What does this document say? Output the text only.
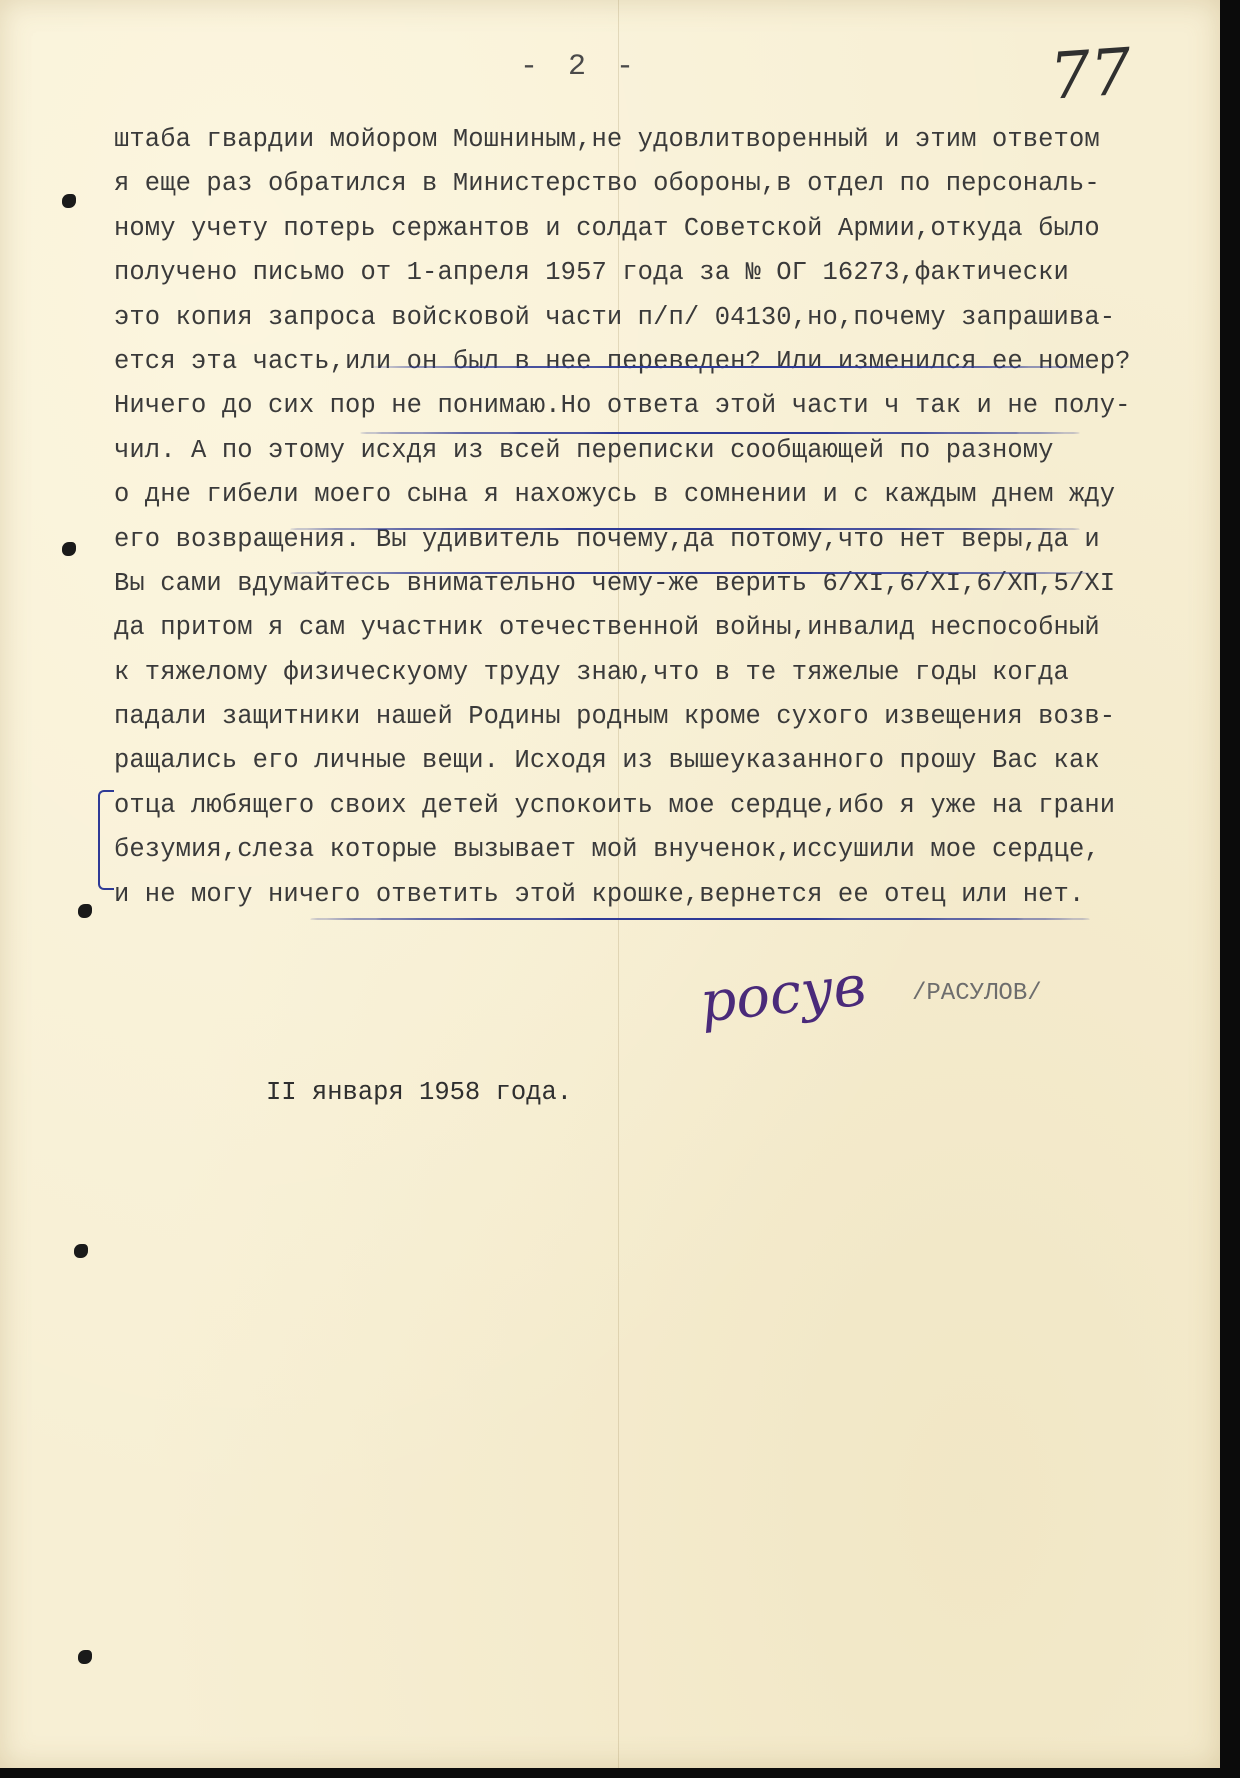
- 2 -	77
штаба гвардии мойором Мошниным,не удовлитворенный и этим ответом
я еще раз обратился в Министерство обороны,в отдел по персональ-
ному учету потерь сержантов и солдат Советской Армии,откуда было
получено письмо от 1-апреля 1957 года за № ОГ 16273,фактически
это копия запроса войсковой части п/п/ 04130,но,почему запрашива-
ется эта часть,или он был в нее переведен? Или изменился ее номер?
Ничего до сих пор не понимаю.Но ответа этой части ч так и не полу-
чил. А по этому исхдя из всей переписки сообщающей по разному
о дне гибели моего сына я нахожусь в сомнении и с каждым днем жду
его возвращения. Вы удивитель почему,да потому,что нет веры,да и
Вы сами вдумайтесь внимательно чему-же верить 6/XI,6/XI,6/XП,5/XI
да притом я сам участник отечественной войны,инвалид неспособный
к тяжелому физическуому труду знаю,что в те тяжелые годы когда
падали защитники нашей Родины родным кроме сухого извещения возв-
ращались его личные вещи. Исходя из вышеуказанного прошу Вас как
отца любящего своих детей успокоить мое сердце,ибо я уже на грани
безумия,слеза которые вызывает мой внученок,иссушили мое сердце,
и не могу ничего ответить этой крошке,вернется ее отец или нет.
росув /РАСУЛОВ/
II января 1958 года.
